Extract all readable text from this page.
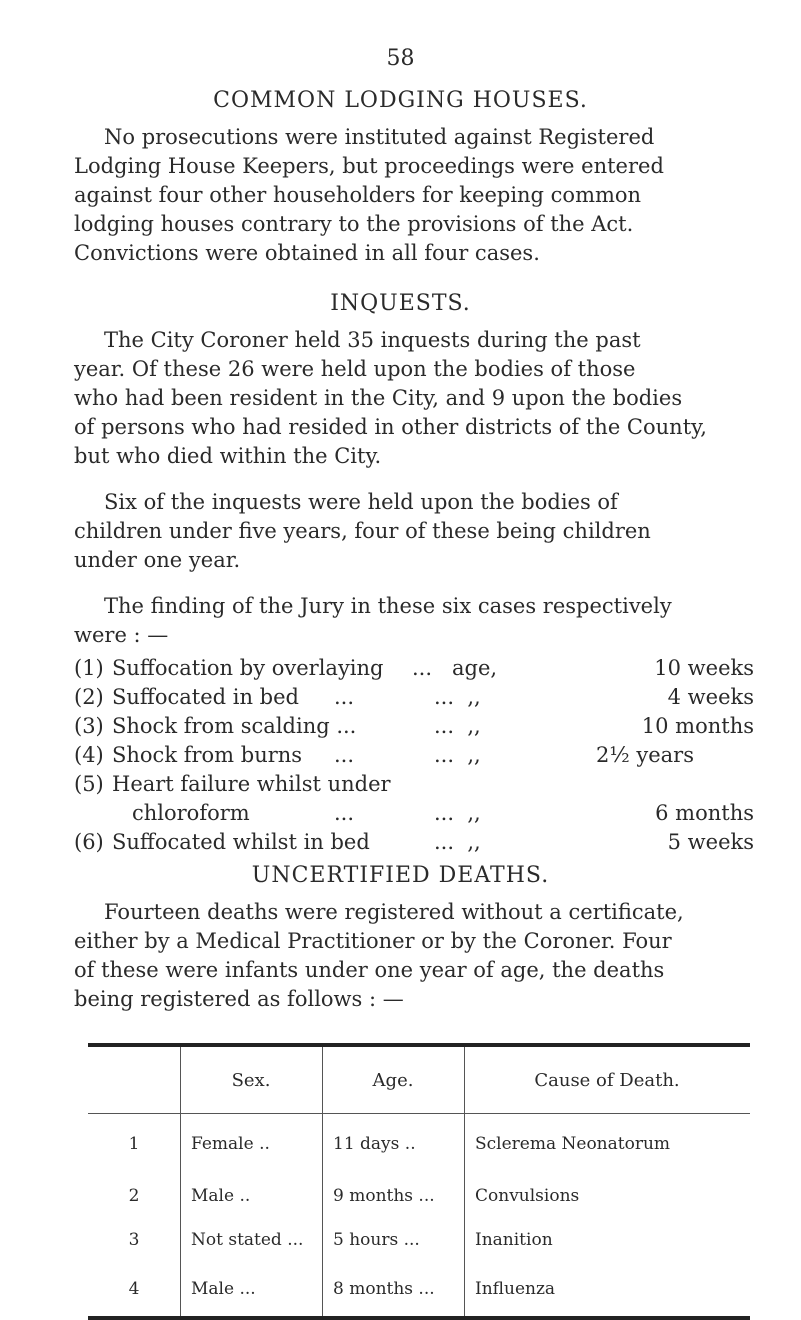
58
COMMON LODGING HOUSES.
No prosecutions were instituted against Registered
Lodging House Keepers, but proceedings were entered
against four other householders for keeping common
lodging houses contrary to the provisions of the Act.
Convictions were obtained in all four cases.
INQUESTS.
The City Coroner held 35 inquests during the past
year. Of these 26 were held upon the bodies of those
who had been resident in the City, and 9 upon the bodies
of persons who had resided in other districts of the County,
but who died within the City.
Six of the inquests were held upon the bodies of
children under five years, four of these being children
under one year.
The finding of the Jury in these six cases respectively
were : —
(1) Suffocation by overlaying ... age,	10 weeks
(2) Suffocated in bed ...	...  ,,	4 weeks
(3) Shock from scalding ...	...  ,,	10 months
(4) Shock from burns ...	...  ,,	2½ years
(5) Heart failure whilst under
chloroform	...	...  ,,	6 months
(6) Suffocated whilst in bed	...  ,,	5 weeks
UNCERTIFIED DEATHS.
Fourteen deaths were registered without a certificate,
either by a Medical Practitioner or by the Coroner. Four
of these were infants under one year of age, the deaths
being registered as follows : —
	Sex.	Age.	Cause of Death.
1	Female ..	11 days ..	Sclerema Neonatorum
2	Male ..	9 months ...	Convulsions
3	Not stated ...	5 hours ...	Inanition
4	Male ...	8 months ...	Influenza
